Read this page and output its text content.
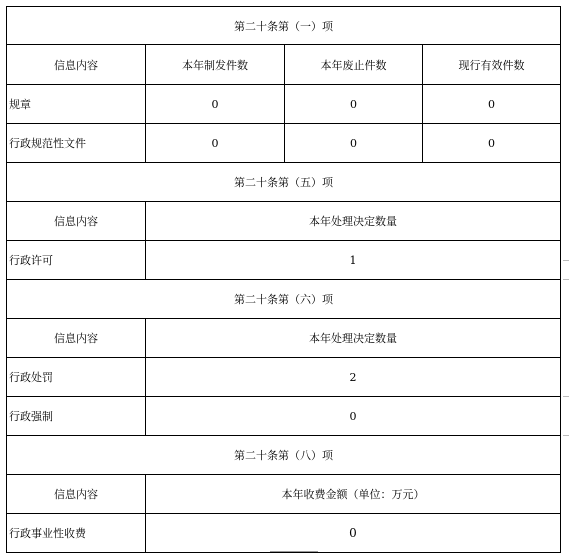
第二十条第（一）项			
信息内容	本年制发件数	本年废止件数	现行有效件数
规章	0	0	0
行政规范性文件	0	0	0
第二十条第（五）项			
信息内容	本年处理决定数量		
行政许可	1		
第二十条第（六）项			
信息内容	本年处理决定数量		
行政处罚	2		
行政强制	0		
第二十条第（八）项			
信息内容	本年收费金额（单位：万元）		
行政事业性收费	0		
